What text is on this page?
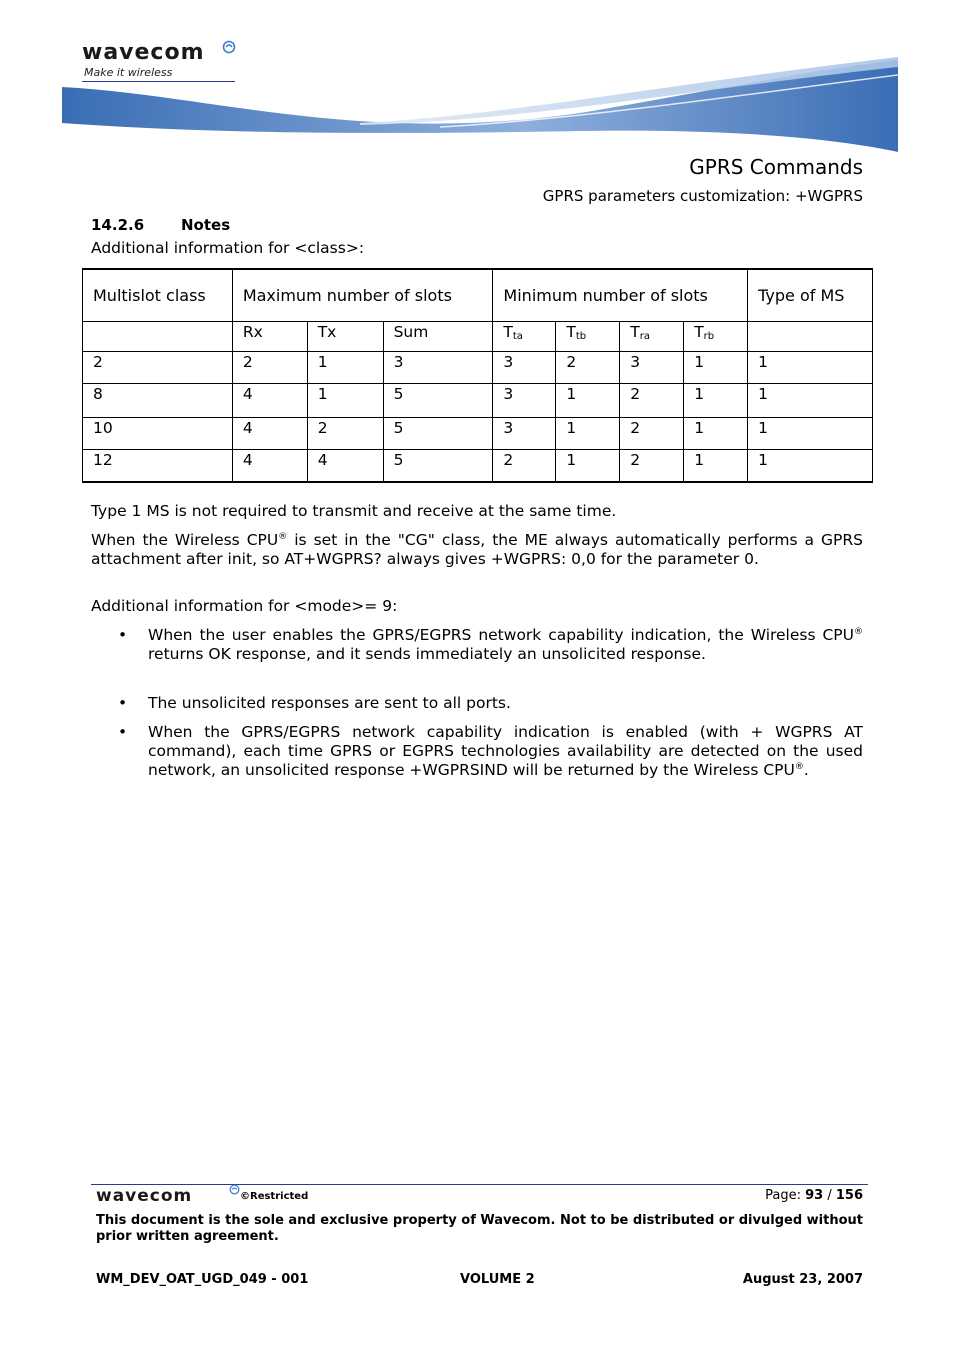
wavecom
Make it wireless
GPRS Commands
GPRS parameters customization: +WGPRS
14.2.6 Notes
Additional information for <class>:
Multislot class	Maximum number of slots			Minimum number of slots				Type of MS
	Rx	Tx	Sum	$T_{ta}$	$T_{tb}$	$T_{ra}$	$T_{rb}$	
2	2	1	3	3	2	3	1	1
8	4	1	5	3	1	2	1	1
10	4	2	5	3	1	2	1	1
12	4	4	5	2	1	2	1	1
Type 1 MS is not required to transmit and receive at the same time.
When the Wireless CPU® is set in the "CG" class, the ME always automatically performs a GPRS attachment after init, so AT+WGPRS? always gives +WGPRS: 0,0 for the parameter 0.
Additional information for <mode>= 9:
• When the user enables the GPRS/EGPRS network capability indication, the Wireless CPU® returns OK response, and it sends immediately an unsolicited response.
• The unsolicited responses are sent to all ports.
• When the GPRS/EGPRS network capability indication is enabled (with + WGPRS AT command), each time GPRS or EGPRS technologies availability are detected on the used network, an unsolicited response +WGPRSIND will be returned by the Wireless CPU®.
wavecom	©Restricted	Page: 93 / 156
This document is the sole and exclusive property of Wavecom. Not to be distributed or divulged without prior written agreement.
WM_DEV_OAT_UGD_049 - 001	VOLUME 2	August 23, 2007
